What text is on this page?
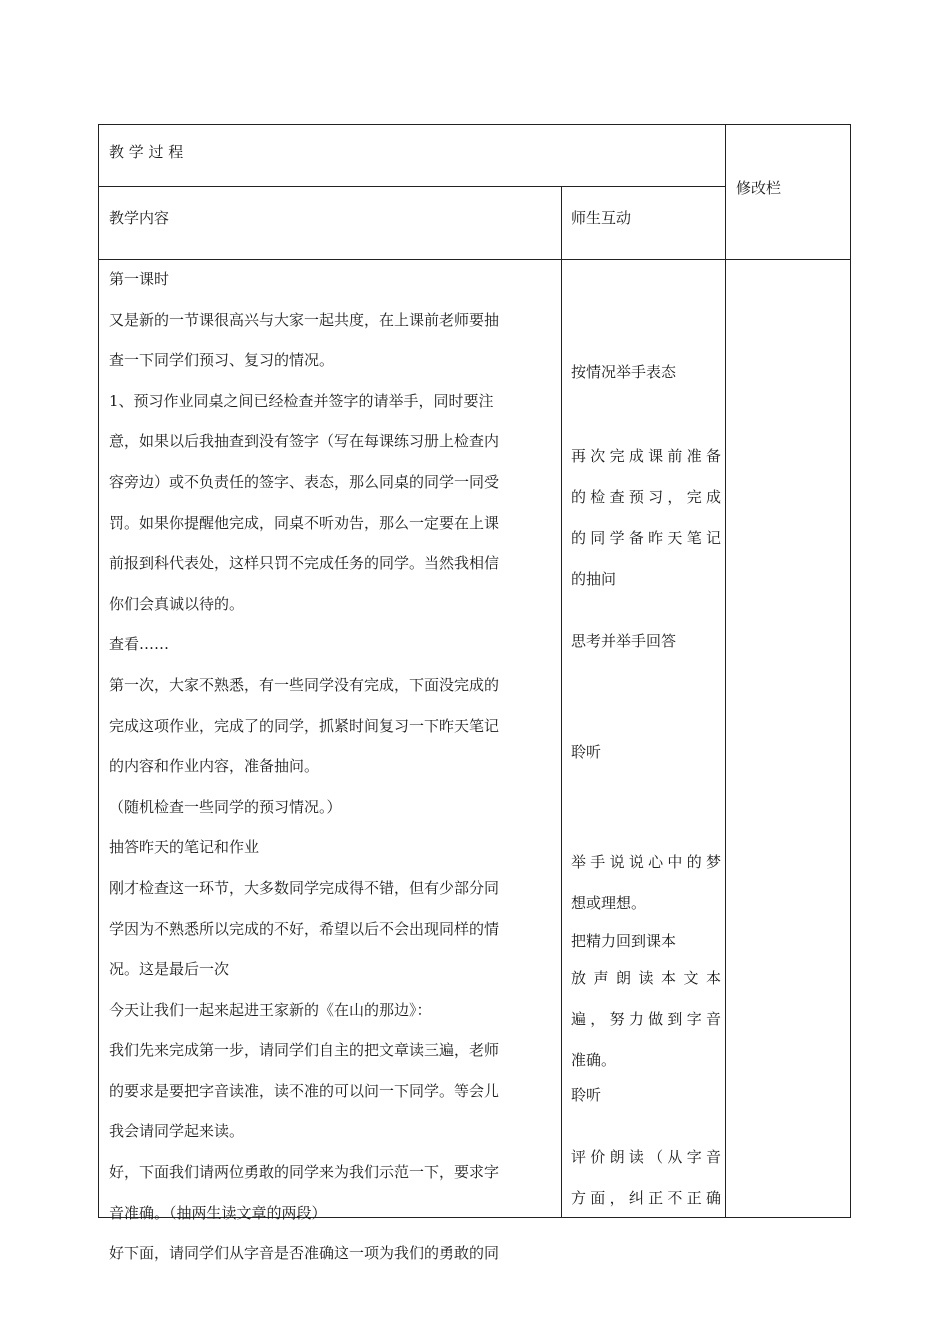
教 学 过 程
修改栏
教学内容	师生互动
第一课时
又是新的一节课很高兴与大家一起共度，在上课前老师要抽
查一下同学们预习、复习的情况。
1、预习作业同桌之间已经检查并签字的请举手，同时要注
意，如果以后我抽查到没有签字（写在每课练习册上检查内
容旁边）或不负责任的签字、表态，那么同桌的同学一同受
罚。如果你提醒他完成，同桌不听劝告，那么一定要在上课
前报到科代表处，这样只罚不完成任务的同学。当然我相信
你们会真诚以待的。
查看……
第一次，大家不熟悉，有一些同学没有完成，下面没完成的
完成这项作业，完成了的同学，抓紧时间复习一下昨天笔记
的内容和作业内容，准备抽问。
（随机检查一些同学的预习情况。）
抽答昨天的笔记和作业
刚才检查这一环节，大多数同学完成得不错，但有少部分同
学因为不熟悉所以完成的不好，希望以后不会出现同样的情
况。这是最后一次
今天让我们一起来起进王家新的《在山的那边》：
我们先来完成第一步，请同学们自主的把文章读三遍，老师
的要求是要把字音读准，读不准的可以问一下同学。等会儿
我会请同学起来读。
好，下面我们请两位勇敢的同学来为我们示范一下，要求字
音准确。（抽两生读文章的两段）
好下面，请同学们从字音是否准确这一项为我们的勇敢的同
按情况举手表态
再次完成课前准备
的检查预习，完成
的同学备昨天笔记
的抽问
思考并举手回答
聆听
举手说说心中的梦
想或理想。
把精力回到课本
放声朗读本文本
遍，努力做到字音
准确。
聆听
评价朗读（从字音
方面，纠正不正确
